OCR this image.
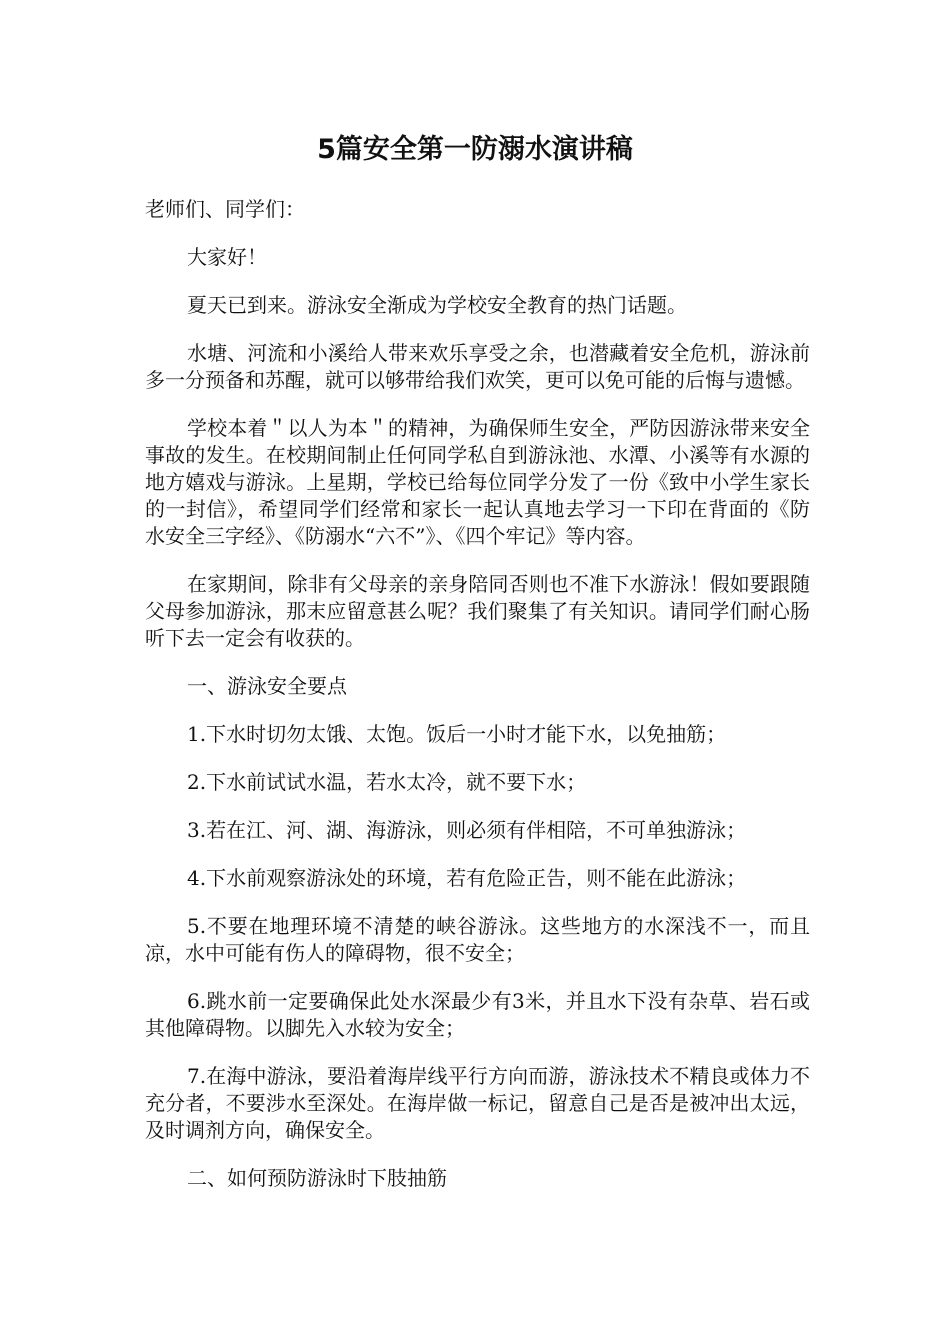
5篇安全第一防溺水演讲稿

老师们、同学们：

大家好！

夏天已到来。游泳安全渐成为学校安全教育的热门话题。

水塘、河流和小溪给人带来欢乐享受之余，也潜藏着安全危机，游泳前多一分预备和苏醒，就可以够带给我们欢笑，更可以免可能的后悔与遗憾。

学校本着＂以人为本＂的精神，为确保师生安全，严防因游泳带来安全事故的发生。在校期间制止任何同学私自到游泳池、水潭、小溪等有水源的地方嬉戏与游泳。上星期，学校已给每位同学分发了一份《致中小学生家长的一封信》，希望同学们经常和家长一起认真地去学习一下印在背面的《防水安全三字经》、《防溺水“六不”》、《四个牢记》等内容。

在家期间，除非有父母亲的亲身陪同否则也不准下水游泳！假如要跟随父母参加游泳，那末应留意甚么呢？我们聚集了有关知识。请同学们耐心肠听下去一定会有收获的。

一、游泳安全要点

1.下水时切勿太饿、太饱。饭后一小时才能下水，以免抽筋；

2.下水前试试水温，若水太冷，就不要下水；

3.若在江、河、湖、海游泳，则必须有伴相陪，不可单独游泳；

4.下水前观察游泳处的环境，若有危险正告，则不能在此游泳；

5.不要在地理环境不清楚的峡谷游泳。这些地方的水深浅不一，而且凉，水中可能有伤人的障碍物，很不安全；

6.跳水前一定要确保此处水深最少有3米，并且水下没有杂草、岩石或其他障碍物。以脚先入水较为安全；

7.在海中游泳，要沿着海岸线平行方向而游，游泳技术不精良或体力不充分者，不要涉水至深处。在海岸做一标记，留意自己是否是被冲出太远，及时调剂方向，确保安全。

二、如何预防游泳时下肢抽筋
